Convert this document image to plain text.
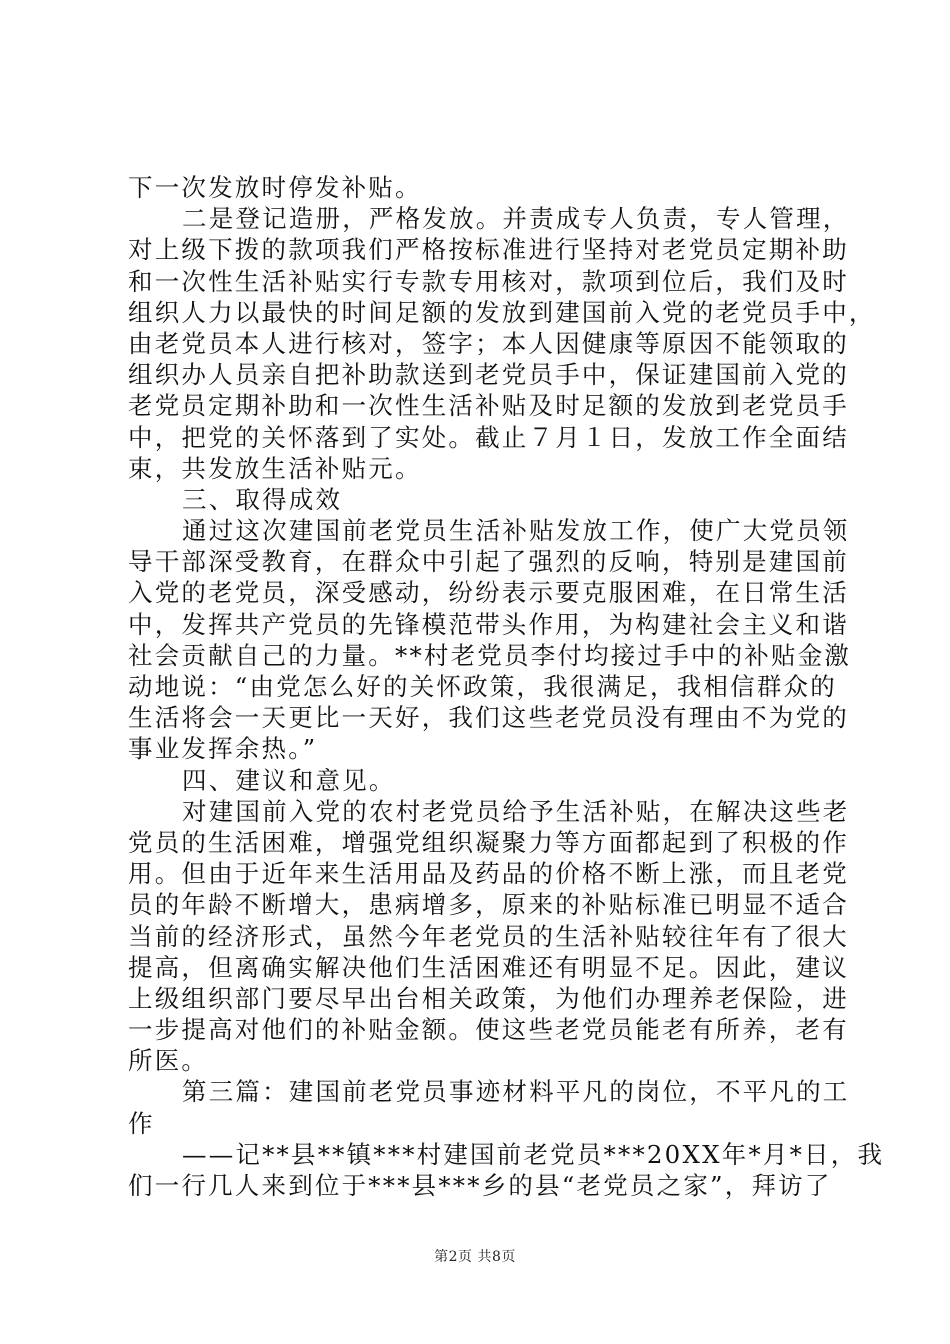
下一次发放时停发补贴。
二是登记造册，严格发放。并责成专人负责，专人管理，
对上级下拨的款项我们严格按标准进行坚持对老党员定期补助
和一次性生活补贴实行专款专用核对，款项到位后，我们及时
组织人力以最快的时间足额的发放到建国前入党的老党员手中，
由老党员本人进行核对，签字；本人因健康等原因不能领取的
组织办人员亲自把补助款送到老党员手中，保证建国前入党的
老党员定期补助和一次性生活补贴及时足额的发放到老党员手
中，把党的关怀落到了实处。截止７月１日，发放工作全面结
束，共发放生活补贴元。
三、取得成效
通过这次建国前老党员生活补贴发放工作，使广大党员领
导干部深受教育，在群众中引起了强烈的反响，特别是建国前
入党的老党员，深受感动，纷纷表示要克服困难，在日常生活
中，发挥共产党员的先锋模范带头作用，为构建社会主义和谐
社会贡献自己的力量。**村老党员李付均接过手中的补贴金激
动地说：“由党怎么好的关怀政策，我很满足，我相信群众的
生活将会一天更比一天好，我们这些老党员没有理由不为党的
事业发挥余热。”
四、建议和意见。
对建国前入党的农村老党员给予生活补贴，在解决这些老
党员的生活困难，增强党组织凝聚力等方面都起到了积极的作
用。但由于近年来生活用品及药品的价格不断上涨，而且老党
员的年龄不断增大，患病增多，原来的补贴标准已明显不适合
当前的经济形式，虽然今年老党员的生活补贴较往年有了很大
提高，但离确实解决他们生活困难还有明显不足。因此，建议
上级组织部门要尽早出台相关政策，为他们办理养老保险，进
一步提高对他们的补贴金额。使这些老党员能老有所养，老有
所医。
第三篇：建国前老党员事迹材料平凡的岗位，不平凡的工
作
——记**县**镇***村建国前老党员***20XX年*月*日，我
们一行几人来到位于***县***乡的县“老党员之家”，拜访了
第2页 共8页
